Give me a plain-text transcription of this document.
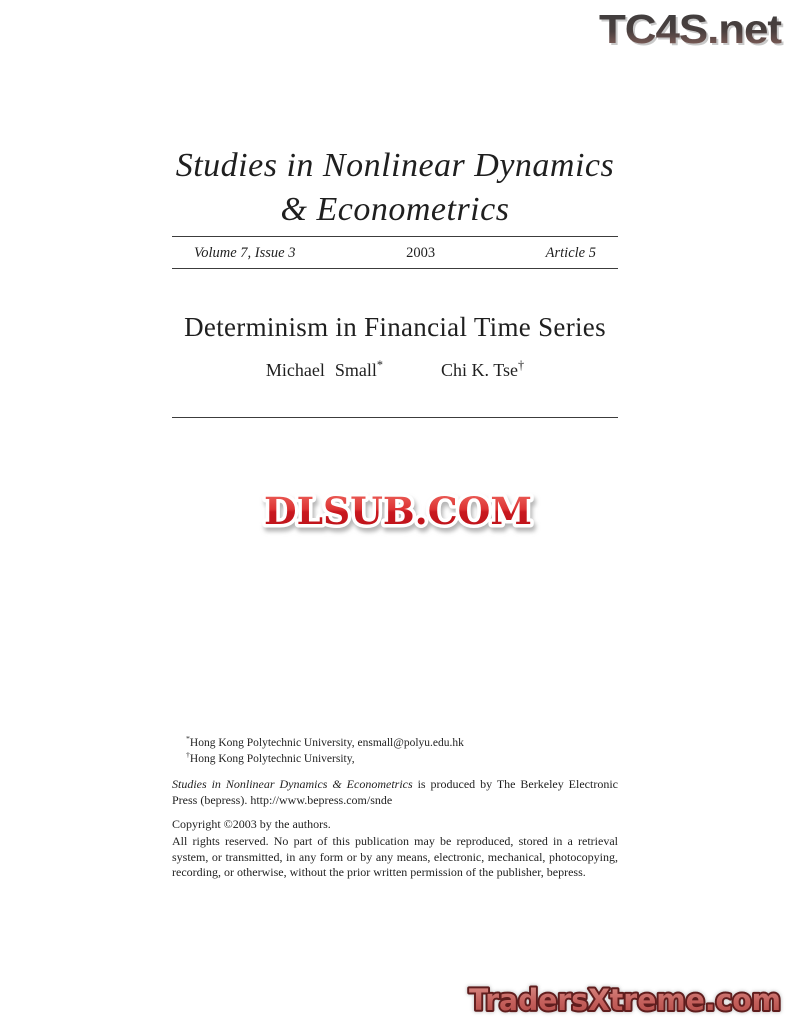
TC4S.net
Studies in Nonlinear Dynamics
& Econometrics
Volume 7, Issue 3	2003	Article 5
Determinism in Financial Time Series
Michael Small*	Chi K. Tse†
DLSUB.COM
*Hong Kong Polytechnic University, ensmall@polyu.edu.hk
†Hong Kong Polytechnic University,

Studies in Nonlinear Dynamics & Econometrics is produced by The Berkeley Electronic Press (bepress). http://www.bepress.com/snde

Copyright ©2003 by the authors.

All rights reserved. No part of this publication may be reproduced, stored in a retrieval system, or transmitted, in any form or by any means, electronic, mechanical, photocopying, recording, or otherwise, without the prior written permission of the publisher, bepress.

TradersXtreme.com
